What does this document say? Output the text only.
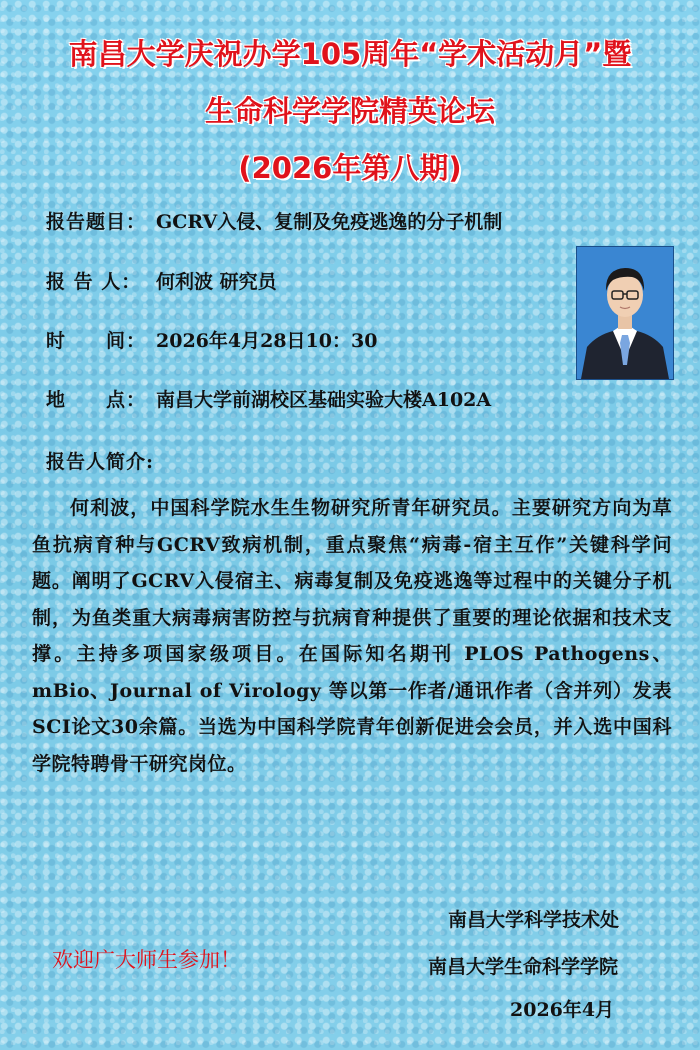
南昌大学庆祝办学105周年“学术活动月”暨
生命科学学院精英论坛
(2026年第八期)
报告题目： GCRV入侵、复制及免疫逃逸的分子机制
报 告 人： 何利波 研究员
时　　间： 2026年4月28日10：30
地　　点： 南昌大学前湖校区基础实验大楼A102A
报告人简介:

何利波，中国科学院水生生物研究所青年研究员。主要研究方向为草鱼抗病育种与GCRV致病机制，重点聚焦“病毒-宿主互作”关键科学问题。阐明了GCRV入侵宿主、病毒复制及免疫逃逸等过程中的关键分子机制，为鱼类重大病毒病害防控与抗病育种提供了重要的理论依据和技术支撑。主持多项国家级项目。在国际知名期刊 PLOS Pathogens、mBio、Journal of Virology 等以第一作者/通讯作者（含并列）发表SCI论文30余篇。当选为中国科学院青年创新促进会会员，并入选中国科学院特聘骨干研究岗位。

欢迎广大师生参加！
南昌大学科学技术处
南昌大学生命科学学院
2026年4月
